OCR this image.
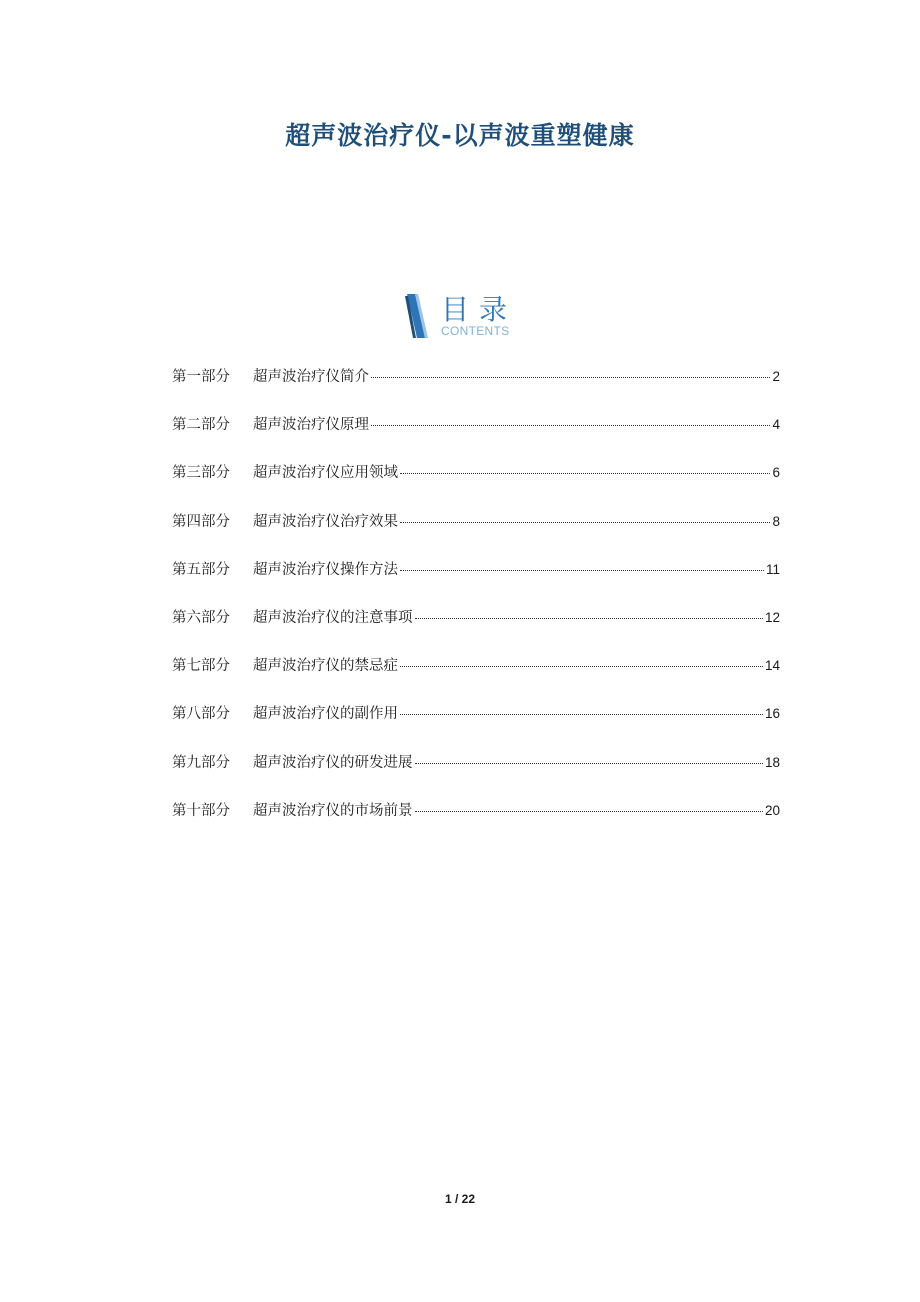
超声波治疗仪-以声波重塑健康
目录
CONTENTS
第一部分	超声波治疗仪简介	2
第二部分	超声波治疗仪原理	4
第三部分	超声波治疗仪应用领域	6
第四部分	超声波治疗仪治疗效果	8
第五部分	超声波治疗仪操作方法	11
第六部分	超声波治疗仪的注意事项	12
第七部分	超声波治疗仪的禁忌症	14
第八部分	超声波治疗仪的副作用	16
第九部分	超声波治疗仪的研发进展	18
第十部分	超声波治疗仪的市场前景	20
1 / 22
